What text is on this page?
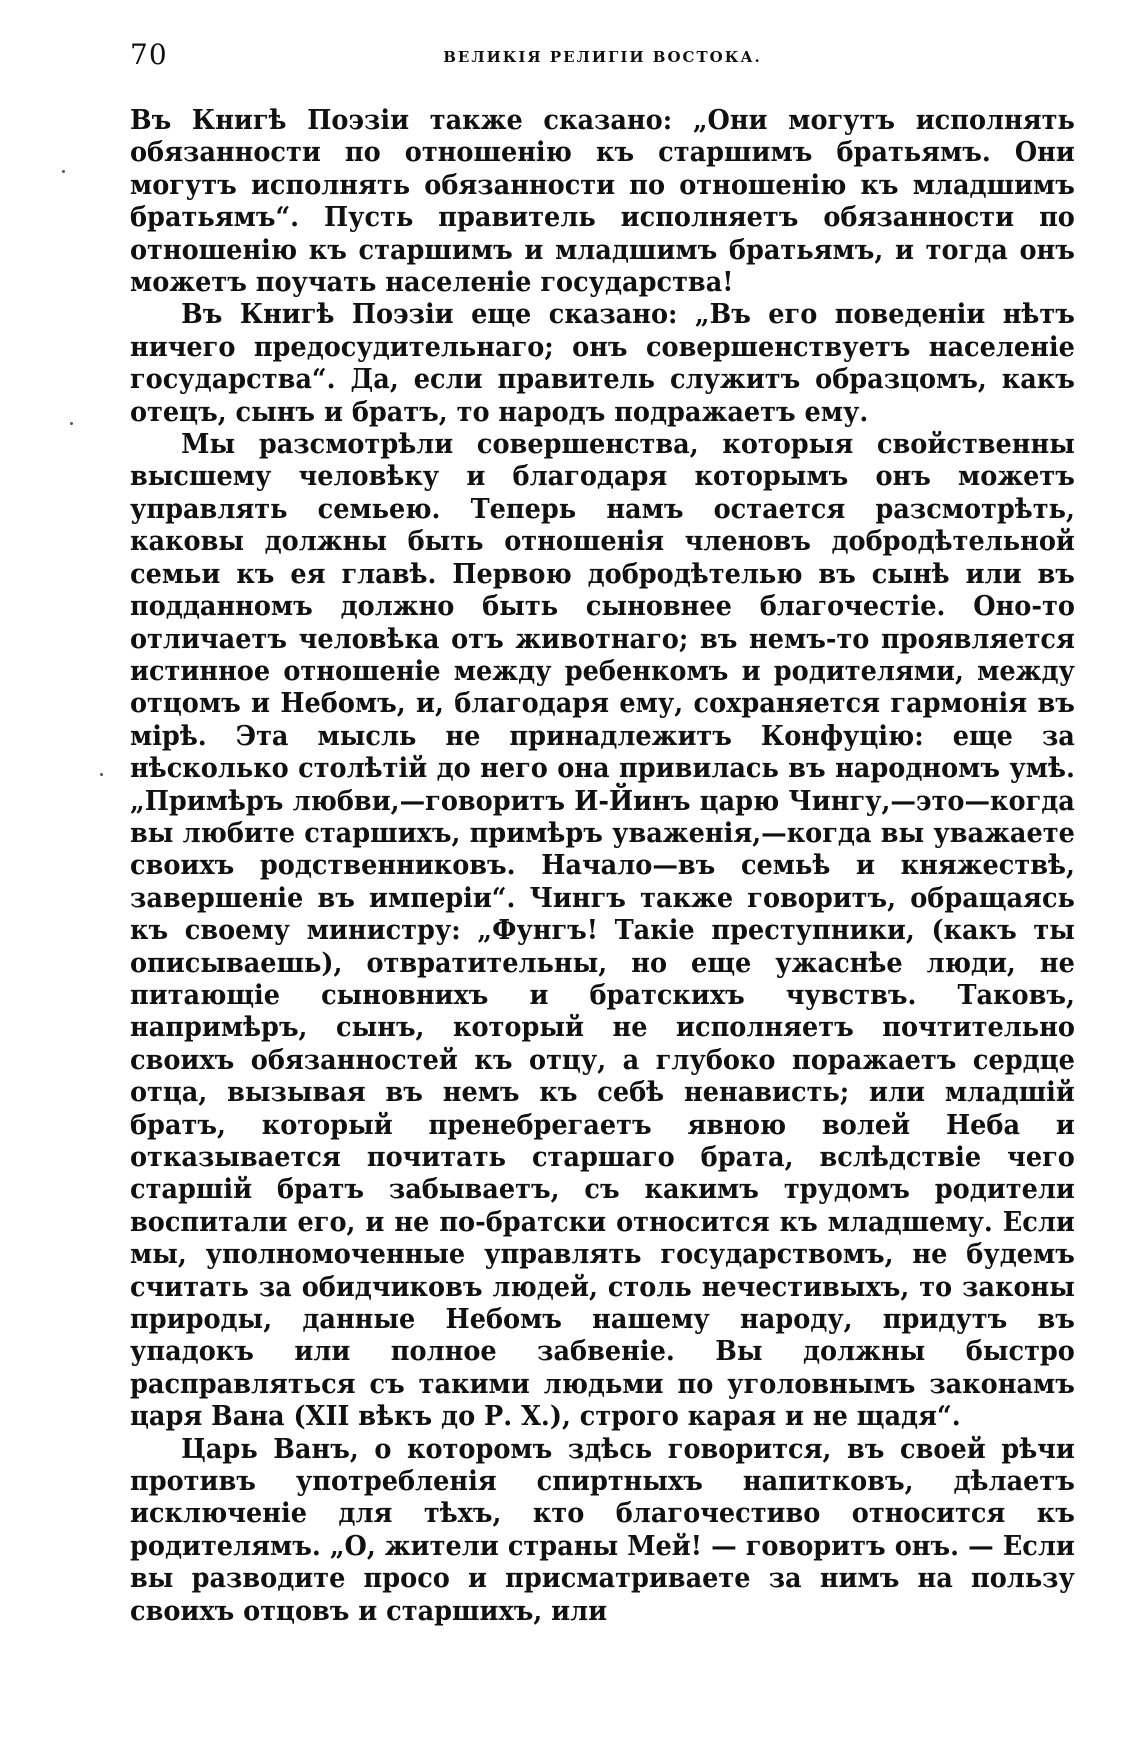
70	ВЕЛИКІЯ РЕЛИГІИ ВОСТОКА.

Въ Книгѣ Поэзіи также сказано: „Они могутъ исполнять обязанности по отношенію къ старшимъ братьямъ. Они могутъ исполнять обязанности по отношенію къ младшимъ братьямъ“. Пусть правитель исполняетъ обязанности по отношенію къ старшимъ и младшимъ братьямъ, и тогда онъ можетъ поучать населеніе государства!

Въ Книгѣ Поэзіи еще сказано: „Въ его поведеніи нѣтъ ничего предосудительнаго; онъ совершенствуетъ населеніе государства“. Да, если правитель служитъ образцомъ, какъ отецъ, сынъ и братъ, то народъ подражаетъ ему.

Мы разсмотрѣли совершенства, которыя свойственны высшему человѣку и благодаря которымъ онъ можетъ управлять семьею. Теперь намъ остается разсмотрѣть, каковы должны быть отношенія членовъ добродѣтельной семьи къ ея главѣ. Первою добродѣтелью въ сынѣ или въ подданномъ должно быть сыновнее благочестіе. Оно-то отличаетъ человѣка отъ животнаго; въ немъ-то проявляется истинное отношеніе между ребенкомъ и родителями, между отцомъ и Небомъ, и, благодаря ему, сохраняется гармонія въ мірѣ. Эта мысль не принадлежитъ Конфуцію: еще за нѣсколько столѣтій до него она привилась въ народномъ умѣ. „Примѣръ любви,—говоритъ И-Йинъ царю Чингу,—это—когда вы любите старшихъ, примѣръ уваженія,—когда вы уважаете своихъ родственниковъ. Начало—въ семьѣ и княжествѣ, завершеніе въ имперіи“. Чингъ также говоритъ, обращаясь къ своему министру: „Фунгъ! Такіе преступники, (какъ ты описываешь), отвратительны, но еще ужаснѣе люди, не питающіе сыновнихъ и братскихъ чувствъ. Таковъ, напримѣръ, сынъ, который не исполняетъ почтительно своихъ обязанностей къ отцу, а глубоко поражаетъ сердце отца, вызывая въ немъ къ себѣ ненависть; или младшій братъ, который пренебрегаетъ явною волей Неба и отказывается почитать старшаго брата, вслѣдствіе чего старшій братъ забываетъ, съ какимъ трудомъ родители воспитали его, и не по-братски относится къ младшему. Если мы, уполномоченные управлять государствомъ, не будемъ считать за обидчиковъ людей, столь нечестивыхъ, то законы природы, данные Небомъ нашему народу, придутъ въ упадокъ или полное забвеніе. Вы должны быстро расправляться съ такими людьми по уголовнымъ законамъ царя Вана (XII вѣкъ до Р. Х.), строго карая и не щадя“.

Царь Ванъ, о которомъ здѣсь говорится, въ своей рѣчи противъ употребленія спиртныхъ напитковъ, дѣлаетъ исключеніе для тѣхъ, кто благочестиво относится къ родителямъ. „О, жители страны Мей! — говоритъ онъ. — Если вы разводите просо и присматриваете за нимъ на пользу своихъ отцовъ и старшихъ, или
